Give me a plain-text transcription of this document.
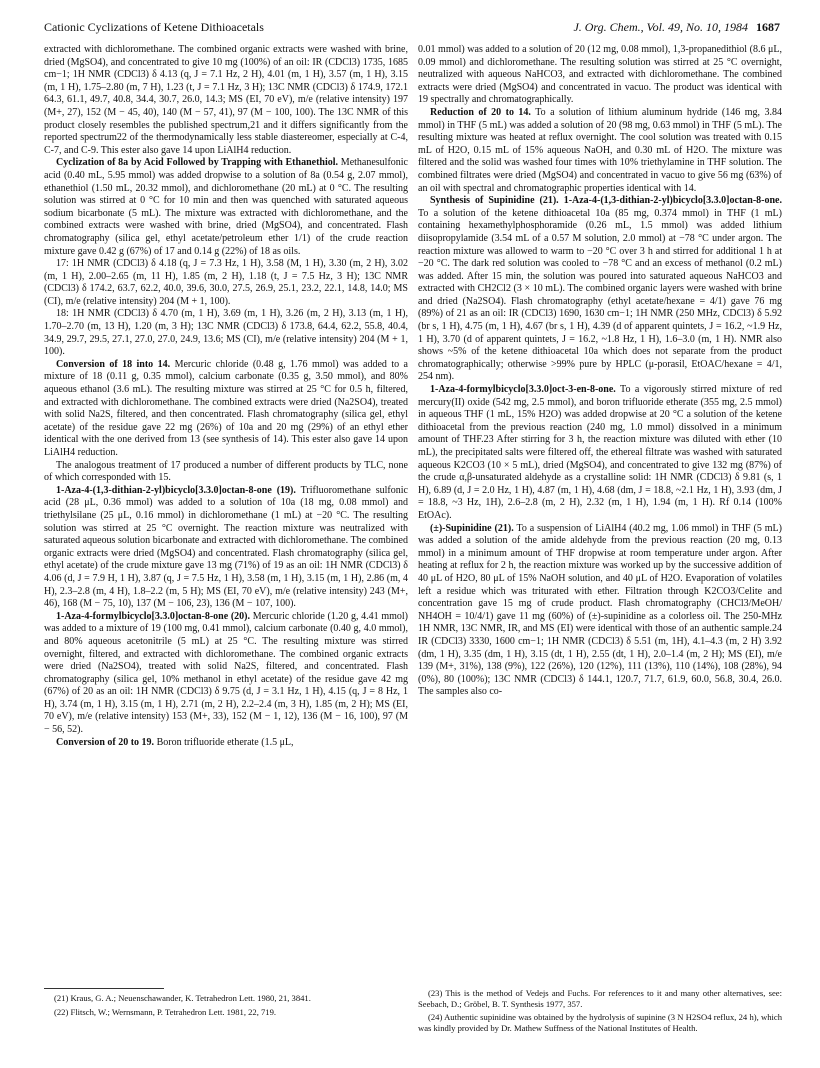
Cationic Cyclizations of Ketene Dithioacetals	J. Org. Chem., Vol. 49, No. 10, 1984 1687

extracted with dichloromethane. The combined organic extracts were washed with brine, dried (MgSO4), and concentrated to give 10 mg (100%) of an oil: IR (CDCl3) 1735, 1685 cm−1; 1H NMR (CDCl3) δ 4.13 (q, J = 7.1 Hz, 2 H), 4.01 (m, 1 H), 3.57 (m, 1 H), 3.15 (m, 1 H), 1.75–2.80 (m, 7 H), 1.23 (t, J = 7.1 Hz, 3 H); 13C NMR (CDCl3) δ 174.9, 172.1 64.3, 61.1, 49.7, 40.8, 34.4, 30.7, 26.0, 14.3; MS (EI, 70 eV), m/e (relative intensity) 197 (M+, 27), 152 (M − 45, 40), 140 (M − 57, 41), 97 (M − 100, 100). The 13C NMR of this product closely resembles the published spectrum,21 and it differs significantly from the reported spectrum22 of the thermodynamically less stable diastereomer, especially at C-4, C-7, and C-9. This ester also gave 14 upon LiAlH4 reduction.

Cyclization of 8a by Acid Followed by Trapping with Ethanethiol. Methanesulfonic acid (0.40 mL, 5.95 mmol) was added dropwise to a solution of 8a (0.54 g, 2.07 mmol), ethanethiol (1.50 mL, 20.32 mmol), and dichloromethane (20 mL) at 0 °C. The resulting solution was stirred at 0 °C for 10 min and then was quenched with saturated aqueous sodium bicarbonate (5 mL). The mixture was extracted with dichloromethane, and the combined extracts were washed with brine, dried (MgSO4), and concentrated. Flash chromatography (silica gel, ethyl acetate/petroleum ether 1/1) of the crude reaction mixture gave 0.42 g (67%) of 17 and 0.14 g (22%) of 18 as oils.

17: 1H NMR (CDCl3) δ 4.18 (q, J = 7.3 Hz, 1 H), 3.58 (M, 1 H), 3.30 (m, 2 H), 3.02 (m, 1 H), 2.00–2.65 (m, 11 H), 1.85 (m, 2 H), 1.18 (t, J = 7.5 Hz, 3 H); 13C NMR (CDCl3) δ 174.2, 63.7, 62.2, 40.0, 39.6, 30.0, 27.5, 26.9, 25.1, 23.2, 22.1, 14.8, 14.0; MS (CI), m/e (relative intensity) 204 (M + 1, 100).

18: 1H NMR (CDCl3) δ 4.70 (m, 1 H), 3.69 (m, 1 H), 3.26 (m, 2 H), 3.13 (m, 1 H), 1.70–2.70 (m, 13 H), 1.20 (m, 3 H); 13C NMR (CDCl3) δ 173.8, 64.4, 62.2, 55.8, 40.4, 34.9, 29.7, 29.5, 27.1, 27.0, 27.0, 24.9, 13.6; MS (CI), m/e (relative intensity) 204 (M + 1, 100).

Conversion of 18 into 14. Mercuric chloride (0.48 g, 1.76 mmol) was added to a mixture of 18 (0.11 g, 0.35 mmol), calcium carbonate (0.35 g, 3.50 mmol), and 80% aqueous ethanol (3.6 mL). The resulting mixture was stirred at 25 °C for 0.5 h, filtered, and extracted with dichloromethane. The combined extracts were dried (Na2SO4), treated with solid Na2S, filtered, and then concentrated. Flash chromatography (silica gel, ethyl acetate) of the residue gave 22 mg (26%) of 10a and 20 mg (29%) of an ethyl ether identical with the one derived from 13 (see synthesis of 14). This ester also gave 14 upon LiAlH4 reduction.

The analogous treatment of 17 produced a number of different products by TLC, none of which corresponded with 15.

1-Aza-4-(1,3-dithian-2-yl)bicyclo[3.3.0]octan-8-one (19). Trifluoromethane sulfonic acid (28 μL, 0.36 mmol) was added to a solution of 10a (18 mg, 0.08 mmol) and triethylsilane (25 μL, 0.16 mmol) in dichloromethane (1 mL) at −20 °C. The resulting solution was stirred at 25 °C overnight. The reaction mixture was neutralized with saturated aqueous solution bicarbonate and extracted with dichloromethane. The combined organic extracts were dried (MgSO4) and concentrated. Flash chromatography (silica gel, ethyl acetate) of the crude mixture gave 13 mg (71%) of 19 as an oil: 1H NMR (CDCl3) δ 4.06 (d, J = 7.9 H, 1 H), 3.87 (q, J = 7.5 Hz, 1 H), 3.58 (m, 1 H), 3.15 (m, 1 H), 2.86 (m, 4 H), 2.3–2.8 (m, 4 H), 1.8–2.2 (m, 5 H); MS (EI, 70 eV), m/e (relative intensity) 243 (M+, 46), 168 (M − 75, 10), 137 (M − 106, 23), 136 (M − 107, 100).

1-Aza-4-formylbicyclo[3.3.0]octan-8-one (20). Mercuric chloride (1.20 g, 4.41 mmol) was added to a mixture of 19 (100 mg, 0.41 mmol), calcium carbonate (0.40 g, 4.0 mmol), and 80% aqueous acetonitrile (5 mL) at 25 °C. The resulting mixture was stirred overnight, filtered, and extracted with dichloromethane. The combined organic extracts were dried (Na2SO4), treated with solid Na2S, filtered, and concentrated. Flash chromatography (silica gel, 10% methanol in ethyl acetate) of the residue gave 42 mg (67%) of 20 as an oil: 1H NMR (CDCl3) δ 9.75 (d, J = 3.1 Hz, 1 H), 4.15 (q, J = 8 Hz, 1 H), 3.74 (m, 1 H), 3.15 (m, 1 H), 2.71 (m, 2 H), 2.2–2.4 (m, 3 H), 1.85 (m, 2 H); MS (EI, 70 eV), m/e (relative intensity) 153 (M+, 33), 152 (M − 1, 12), 136 (M − 16, 100), 97 (M − 56, 52).

Conversion of 20 to 19. Boron trifluoride etherate (1.5 μL,

0.01 mmol) was added to a solution of 20 (12 mg, 0.08 mmol), 1,3-propanedithiol (8.6 μL, 0.09 mmol) and dichloromethane. The resulting solution was stirred at 25 °C overnight, neutralized with aqueous NaHCO3, and extracted with dichloromethane. The combined extracts were dried (MgSO4) and concentrated in vacuo. The product was identical with 19 spectrally and chromatographically.

Reduction of 20 to 14. To a solution of lithium aluminum hydride (146 mg, 3.84 mmol) in THF (5 mL) was added a solution of 20 (98 mg, 0.63 mmol) in THF (5 mL). The resulting mixture was heated at reflux overnight. The cool solution was treated with 0.15 mL of H2O, 0.15 mL of 15% aqueous NaOH, and 0.30 mL of H2O. The mixture was filtered and the solid was washed four times with 10% triethylamine in THF solution. The combined filtrates were dried (MgSO4) and concentrated in vacuo to give 56 mg (63%) of an oil with spectral and chromatographic properties identical with 14.

Synthesis of Supinidine (21). 1-Aza-4-(1,3-dithian-2-yl)bicyclo[3.3.0]octan-8-one. To a solution of the ketene dithioacetal 10a (85 mg, 0.374 mmol) in THF (1 mL) containing hexamethylphosphoramide (0.26 mL, 1.5 mmol) was added lithium diisopropylamide (3.54 mL of a 0.57 M solution, 2.0 mmol) at −78 °C under argon. The reaction mixture was allowed to warm to −20 °C over 3 h and stirred for additional 1 h at −20 °C. The dark red solution was cooled to −78 °C and an excess of methanol (0.2 mL) was added. After 15 min, the solution was poured into saturated aqueous NaHCO3 and extracted with CH2Cl2 (3 × 10 mL). The combined organic layers were washed with brine and dried (Na2SO4). Flash chromatography (ethyl acetate/hexane = 4/1) gave 76 mg (89%) of 21 as an oil: IR (CDCl3) 1690, 1630 cm−1; 1H NMR (250 MHz, CDCl3) δ 5.92 (br s, 1 H), 4.75 (m, 1 H), 4.67 (br s, 1 H), 4.39 (d of apparent quintets, J = 16.2, ~1.9 Hz, 1 H), 3.70 (d of apparent quintets, J = 16.2, ~1.8 Hz, 1 H), 1.6–3.0 (m, 1 H). NMR also shows ~5% of the ketene dithioacetal 10a which does not separate from the product chromatographically; otherwise >99% pure by HPLC (μ-porasil, EtOAC/hexane = 4/1, 254 nm).

1-Aza-4-formylbicyclo[3.3.0]oct-3-en-8-one. To a vigorously stirred mixture of red mercury(II) oxide (542 mg, 2.5 mmol), and boron trifluoride etherate (355 mg, 2.5 mmol) in aqueous THF (1 mL, 15% H2O) was added dropwise at 20 °C a solution of the ketene dithioacetal from the previous reaction (240 mg, 1.0 mmol) dissolved in a minimum amount of THF.23 After stirring for 3 h, the reaction mixture was diluted with ether (10 mL), the precipitated salts were filtered off, the ethereal filtrate was washed with saturated aqueous K2CO3 (10 × 5 mL), dried (MgSO4), and concentrated to give 132 mg (87%) of the crude α,β-unsaturated aldehyde as a crystalline solid: 1H NMR (CDCl3) δ 9.81 (s, 1 H), 6.89 (d, J = 2.0 Hz, 1 H), 4.87 (m, 1 H), 4.68 (dm, J = 18.8, ~2.1 Hz, 1 H), 3.93 (dm, J = 18.8, ~3 Hz, 1H), 2.6–2.8 (m, 2 H), 2.32 (m, 1 H), 1.94 (m, 1 H). Rf 0.14 (100% EtOAc).

(±)-Supinidine (21). To a suspension of LiAlH4 (40.2 mg, 1.06 mmol) in THF (5 mL) was added a solution of the amide aldehyde from the previous reaction (20 mg, 0.13 mmol) in a minimum amount of THF dropwise at room temperature under argon. After heating at reflux for 2 h, the reaction mixture was worked up by the successive addition of 40 μL of H2O, 80 μL of 15% NaOH solution, and 40 μL of H2O. Evaporation of volatiles left a residue which was triturated with ether. Filtration through K2CO3/Celite and concentration gave 15 mg of crude product. Flash chromatography (CHCl3/MeOH/ NH4OH = 10/4/1) gave 11 mg (60%) of (±)-supinidine as a colorless oil. The 250-MHz 1H NMR, 13C NMR, IR, and MS (EI) were identical with those of an authentic sample.24 IR (CDCl3) 3330, 1600 cm−1; 1H NMR (CDCl3) δ 5.51 (m, 1H), 4.1–4.3 (m, 2 H) 3.92 (dm, 1 H), 3.35 (dm, 1 H), 3.15 (dt, 1 H), 2.55 (dt, 1 H), 2.0–1.4 (m, 2 H); MS (EI), m/e 139 (M+, 31%), 138 (9%), 122 (26%), 120 (12%), 111 (13%), 110 (14%), 108 (28%), 94 (0%), 80 (100%); 13C NMR (CDCl3) δ 144.1, 120.7, 71.7, 61.9, 60.0, 56.8, 30.4, 26.0. The samples also co-

(21) Kraus, G. A.; Neuenschawander, K. Tetrahedron Lett. 1980, 21, 3841.

(22) Flitsch, W.; Wernsmann, P. Tetrahedron Lett. 1981, 22, 719.

(23) This is the method of Vedejs and Fuchs. For references to it and many other alternatives, see: Seebach, D.; Gröbel, B. T. Synthesis 1977, 357.

(24) Authentic supinidine was obtained by the hydrolysis of supinine (3 N H2SO4 reflux, 24 h), which was kindly provided by Dr. Mathew Suffness of the National Institutes of Health.
